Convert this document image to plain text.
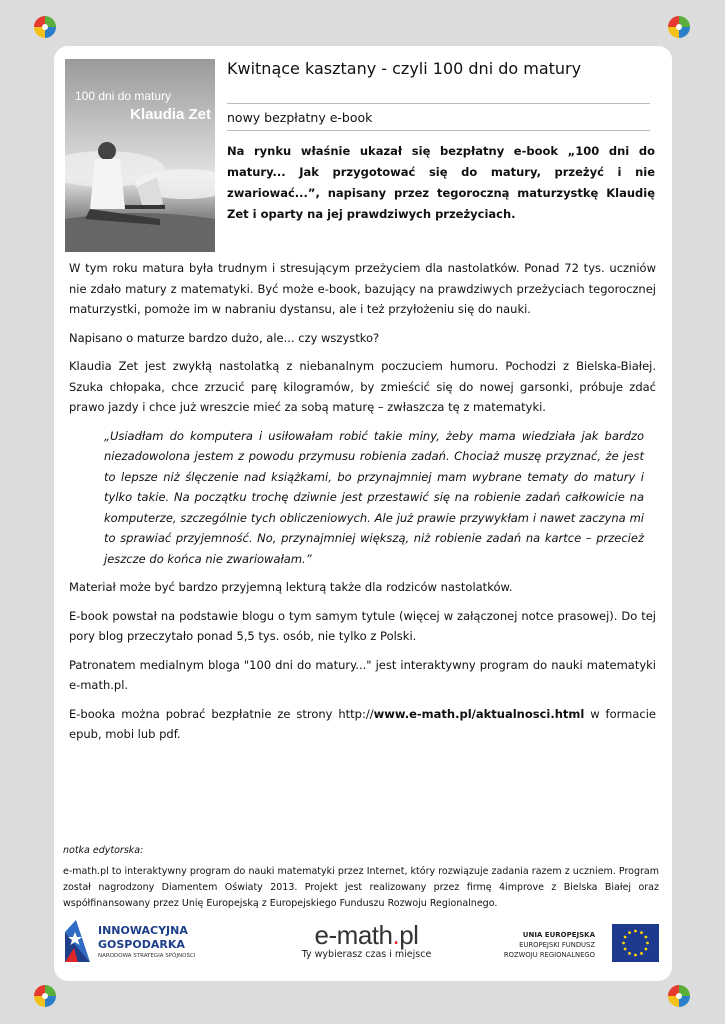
100 dni do matury
Klaudia Zet
Kwitnące kasztany - czyli 100 dni do matury
nowy bezpłatny e-book

Na rynku właśnie ukazał się bezpłatny e-book „100 dni do matury... Jak przygotować się do matury, przeżyć i nie zwariować...”, napisany przez tegoroczną maturzystkę Klaudię Zet i oparty na jej prawdziwych przeżyciach.

W tym roku matura była trudnym i stresującym przeżyciem dla nastolatków. Ponad 72 tys. uczniów nie zdało matury z matematyki. Być może e-book, bazujący na prawdziwych przeżyciach tegorocznej maturzystki, pomoże im w nabraniu dystansu, ale i też przyłożeniu się do nauki.

Napisano o maturze bardzo dużo, ale... czy wszystko?

Klaudia Zet jest zwykłą nastolatką z niebanalnym poczuciem humoru. Pochodzi z Bielska-Białej. Szuka chłopaka, chce zrzucić parę kilogramów, by zmieścić się do nowej garsonki, próbuje zdać prawo jazdy i chce już wreszcie mieć za sobą maturę – zwłaszcza tę z matematyki.

„Usiadłam do komputera i usiłowałam robić takie miny, żeby mama wiedziała jak bardzo niezadowolona jestem z powodu przymusu robienia zadań. Chociaż muszę przyznać, że jest to lepsze niż ślęczenie nad książkami, bo przynajmniej mam wybrane tematy do matury i tylko takie. Na początku trochę dziwnie jest przestawić się na robienie zadań całkowicie na komputerze, szczególnie tych obliczeniowych. Ale już prawie przywykłam i nawet zaczyna mi to sprawiać przyjemność. No, przynajmniej większą, niż robienie zadań na kartce – przecież jeszcze do końca nie zwariowałam.”

Materiał może być bardzo przyjemną lekturą także dla rodziców nastolatków.

E-book powstał na podstawie blogu o tym samym tytule (więcej w załączonej notce prasowej). Do tej pory blog przeczytało ponad 5,5 tys. osób, nie tylko z Polski.

Patronatem medialnym bloga "100 dni do matury..." jest interaktywny program do nauki matematyki e-math.pl.

E-booka można pobrać bezpłatnie ze strony http://www.e-math.pl/aktualnosci.html w formacie epub, mobi lub pdf.

notka edytorska:

e-math.pl to interaktywny program do nauki matematyki przez Internet, który rozwiązuje zadania razem z uczniem. Program został nagrodzony Diamentem Oświaty 2013. Projekt jest realizowany przez firmę 4improve z Bielska Białej oraz współfinansowany przez Unię Europejską z Europejskiego Funduszu Rozwoju Regionalnego.

INNOWACYJNA
GOSPODARKA
NARODOWA STRATEGIA SPÓJNOŚCI
e-math.pl
Ty wybierasz czas i miejsce
UNIA EUROPEJSKA
EUROPEJSKI FUNDUSZ
ROZWOJU REGIONALNEGO
